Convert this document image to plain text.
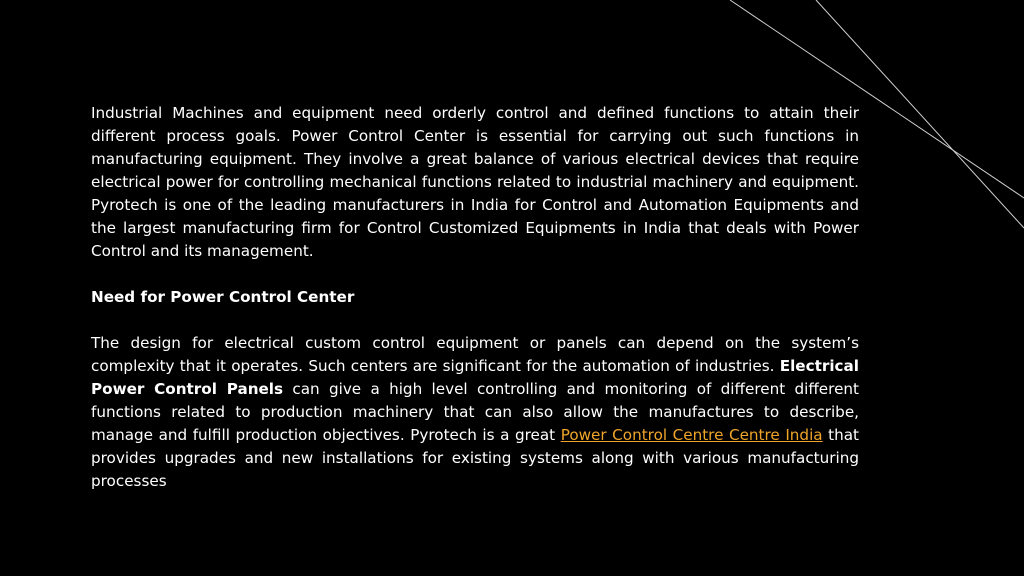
Industrial Machines and equipment need orderly control and defined functions to attain their different process goals. Power Control Center is essential for carrying out such functions in manufacturing equipment. They involve a great balance of various electrical devices that require electrical power for controlling mechanical functions related to industrial machinery and equipment. Pyrotech is one of the leading manufacturers in India for Control and Automation Equipments and the largest manufacturing firm for Control Customized Equipments in India that deals with Power Control and its management.

Need for Power Control Center

The design for electrical custom control equipment or panels can depend on the system’s complexity that it operates. Such centers are significant for the automation of industries. Electrical Power Control Panels can give a high level controlling and monitoring of different different functions related to production machinery that can also allow the manufactures to describe, manage and fulfill production objectives. Pyrotech is a great Power Control Centre Centre India that provides upgrades and new installations for existing systems along with various manufacturing processes
